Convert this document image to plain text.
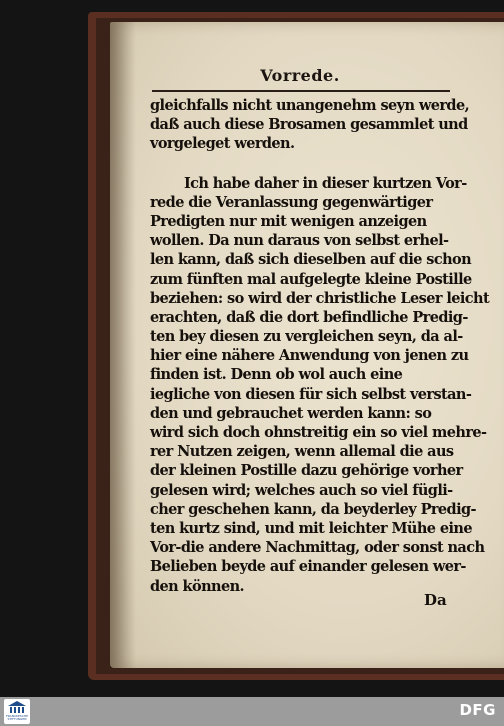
Vorrede.
gleichfalls nicht unangenehm seyn werde,
daß auch diese Brosamen gesammlet und
vorgeleget werden.
Ich habe daher in dieser kurtzen Vor-
rede die Veranlassung gegenwärtiger
Predigten nur mit wenigen anzeigen
wollen. Da nun daraus von selbst erhel-
len kann, daß sich dieselben auf die schon
zum fünften mal aufgelegte kleine Postille
beziehen: so wird der christliche Leser leicht
erachten, daß die dort befindliche Predig-
ten bey diesen zu vergleichen seyn, da al-
hier eine nähere Anwendung von jenen zu
finden ist. Denn ob wol auch eine
iegliche von diesen für sich selbst verstan-
den und gebrauchet werden kann: so
wird sich doch ohnstreitig ein so viel mehre-
rer Nutzen zeigen, wenn allemal die aus
der kleinen Postille dazu gehörige vorher
gelesen wird; welches auch so viel fügli-
cher geschehen kann, da beyderley Predig-
ten kurtz sind, und mit leichter Mühe eine
Vor-die andere Nachmittag, oder sonst nach
Belieben beyde auf einander gelesen wer-
den können.
Da
FRANCKESCHE STIFTUNGEN
DFG
